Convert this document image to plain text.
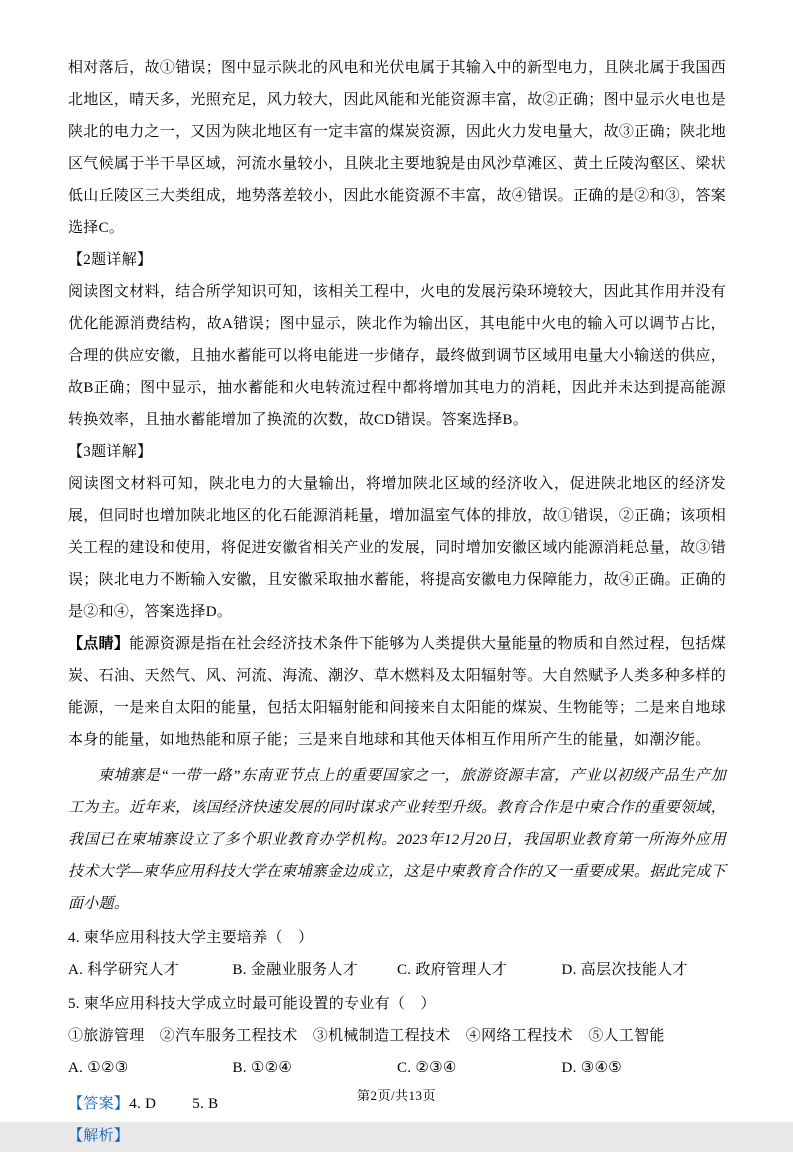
相对落后，故①错误；图中显示陕北的风电和光伏电属于其输入中的新型电力，且陕北属于我国西北地区，晴天多，光照充足，风力较大，因此风能和光能资源丰富，故②正确；图中显示火电也是陕北的电力之一，又因为陕北地区有一定丰富的煤炭资源，因此火力发电量大，故③正确；陕北地区气候属于半干旱区域，河流水量较小，且陕北主要地貌是由风沙草滩区、黄土丘陵沟壑区、梁状低山丘陵区三大类组成，地势落差较小，因此水能资源不丰富，故④错误。正确的是②和③，答案选择C。

【2题详解】

阅读图文材料，结合所学知识可知，该相关工程中，火电的发展污染环境较大，因此其作用并没有优化能源消费结构，故A错误；图中显示，陕北作为输出区，其电能中火电的输入可以调节占比，合理的供应安徽，且抽水蓄能可以将电能进一步储存，最终做到调节区域用电量大小输送的供应，故B正确；图中显示，抽水蓄能和火电转流过程中都将增加其电力的消耗，因此并未达到提高能源转换效率，且抽水蓄能增加了换流的次数，故CD错误。答案选择B。

【3题详解】

阅读图文材料可知，陕北电力的大量输出，将增加陕北区域的经济收入，促进陕北地区的经济发展，但同时也增加陕北地区的化石能源消耗量，增加温室气体的排放，故①错误，②正确；该项相关工程的建设和使用，将促进安徽省相关产业的发展，同时增加安徽区域内能源消耗总量，故③错误；陕北电力不断输入安徽，且安徽采取抽水蓄能，将提高安徽电力保障能力，故④正确。正确的是②和④，答案选择D。

【点睛】能源资源是指在社会经济技术条件下能够为人类提供大量能量的物质和自然过程，包括煤炭、石油、天然气、风、河流、海流、潮汐、草木燃料及太阳辐射等。大自然赋予人类多种多样的能源，一是来自太阳的能量，包括太阳辐射能和间接来自太阳能的煤炭、生物能等；二是来自地球本身的能量，如地热能和原子能；三是来自地球和其他天体相互作用所产生的能量，如潮汐能。

柬埔寨是“一带一路”东南亚节点上的重要国家之一，旅游资源丰富，产业以初级产品生产加工为主。近年来，该国经济快速发展的同时谋求产业转型升级。教育合作是中柬合作的重要领域，我国已在柬埔寨设立了多个职业教育办学机构。2023年12月20日，我国职业教育第一所海外应用技术大学—柬华应用科技大学在柬埔寨金边成立，这是中柬教育合作的又一重要成果。据此完成下面小题。

4. 柬华应用科技大学主要培养（　）

A. 科学研究人才	B. 金融业服务人才	C. 政府管理人才	D. 高层次技能人才

5. 柬华应用科技大学成立时最可能设置的专业有（　）

①旅游管理　②汽车服务工程技术　③机械制造工程技术　④网络工程技术　⑤人工智能

A. ①②③	B. ①②④	C. ②③④	D. ③④⑤

【答案】4. D 5. B

【解析】

第2页/共13页
